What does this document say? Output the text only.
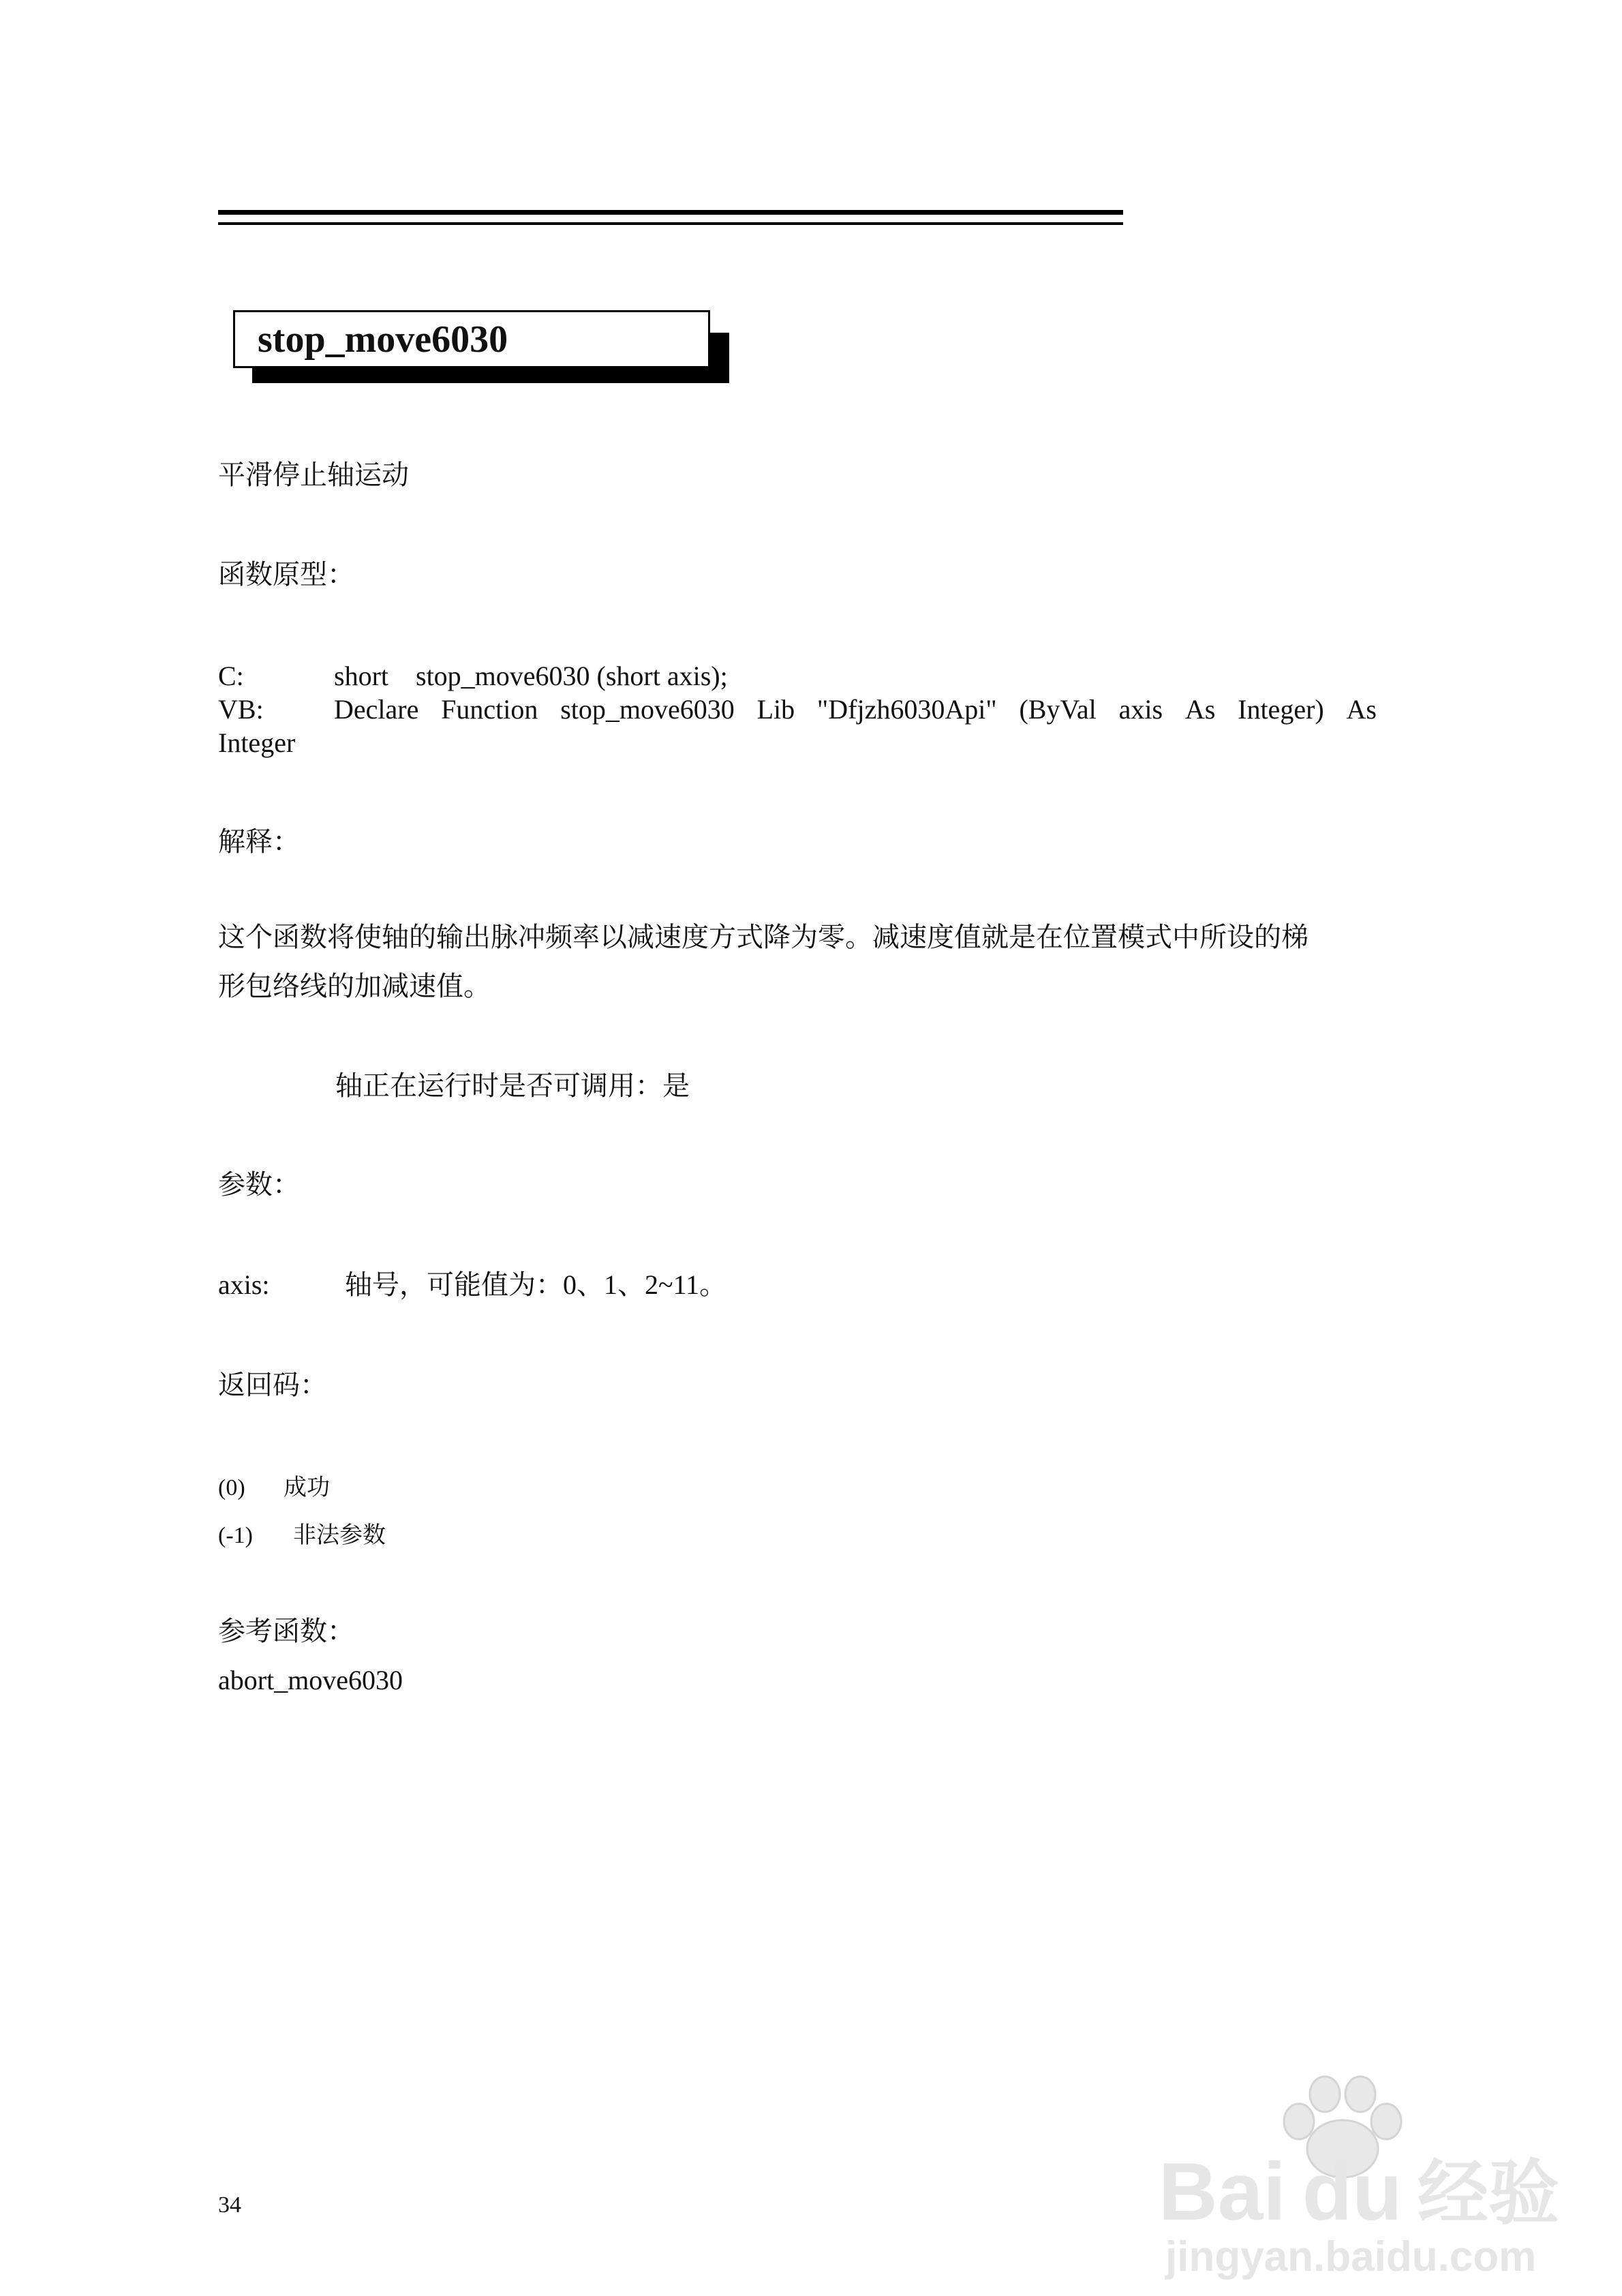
stop_move6030
平滑停止轴运动
函数原型：
C:	short    stop_move6030 (short axis);
VB:	Declare Function stop_move6030 Lib "Dfjzh6030Api" (ByVal axis As Integer) As
Integer
解释：
这个函数将使轴的输出脉冲频率以减速度方式降为零。减速度值就是在位置模式中所设的梯
形包络线的加减速值。
轴正在运行时是否可调用：是
参数：
axis:	轴号，可能值为：0、1、2~11。
返回码：
(0) 成功
(-1) 非法参数
参考函数：
abort_move6030
34	Bai du 经验
jingyan.baidu.com
